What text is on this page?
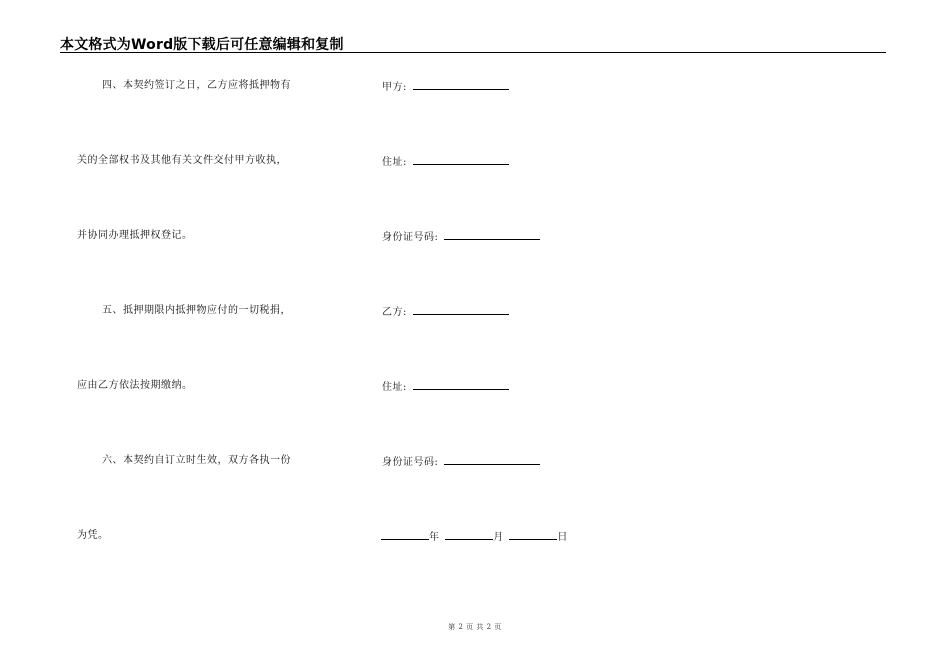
本文格式为Word版下载后可任意编辑和复制
四、本契约签订之日，乙方应将抵押物有
关的全部权书及其他有关文件交付甲方收执，
并协同办理抵押权登记。
五、抵押期限内抵押物应付的一切税捐，
应由乙方依法按期缴纳。
六、本契约自订立时生效，双方各执一份
为凭。
甲方:
住址:
身份证号码:
乙方:
住址:
身份证号码:
年	月	日
第 2 页 共 2 页
